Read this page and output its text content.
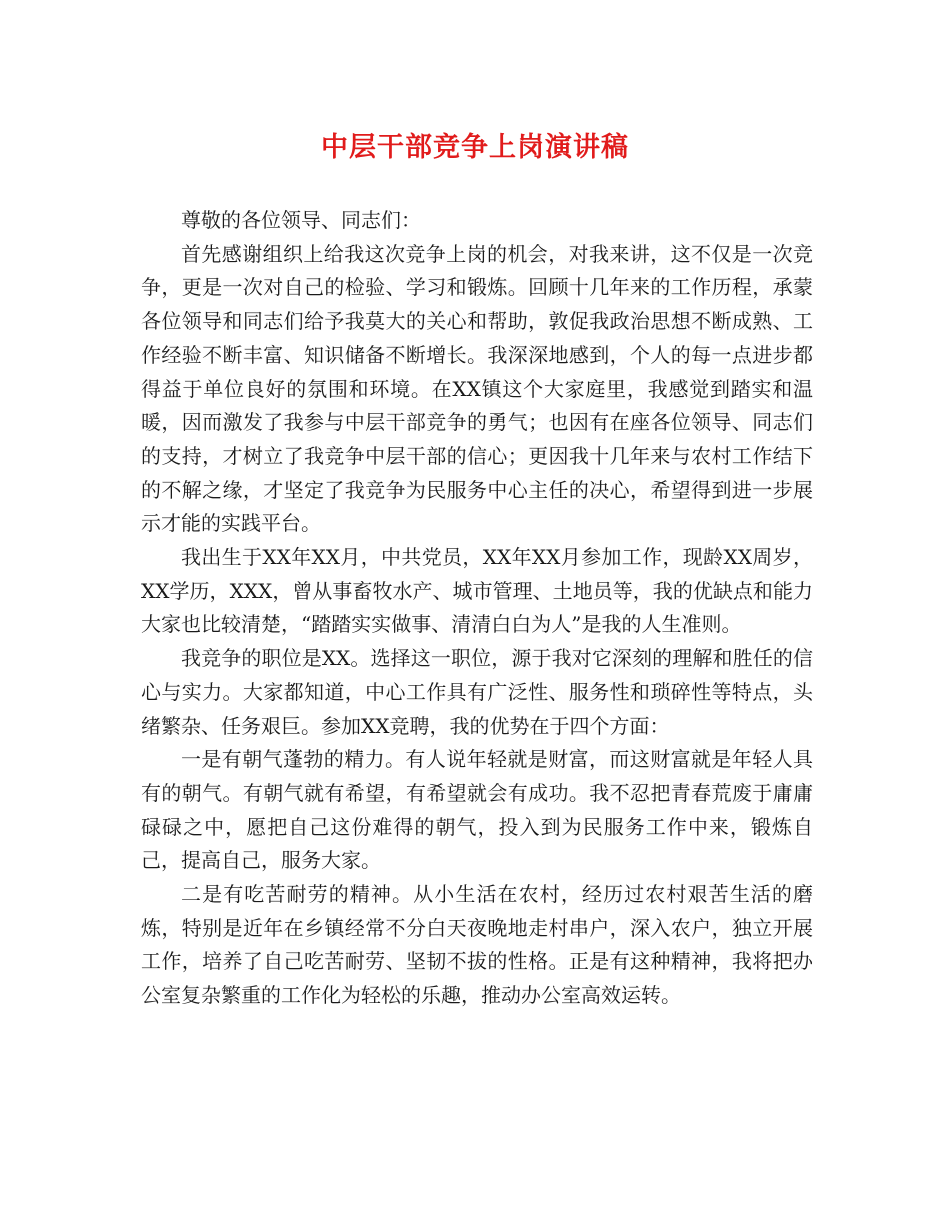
中层干部竞争上岗演讲稿

尊敬的各位领导、同志们：

首先感谢组织上给我这次竞争上岗的机会，对我来讲，这不仅是一次竞争，更是一次对自己的检验、学习和锻炼。回顾十几年来的工作历程，承蒙各位领导和同志们给予我莫大的关心和帮助，敦促我政治思想不断成熟、工作经验不断丰富、知识储备不断增长。我深深地感到，个人的每一点进步都得益于单位良好的氛围和环境。在XX镇这个大家庭里，我感觉到踏实和温暖，因而激发了我参与中层干部竞争的勇气；也因有在座各位领导、同志们的支持，才树立了我竞争中层干部的信心；更因我十几年来与农村工作结下的不解之缘，才坚定了我竞争为民服务中心主任的决心，希望得到进一步展示才能的实践平台。

我出生于XX年XX月，中共党员，XX年XX月参加工作，现龄XX周岁，XX学历，XXX，曾从事畜牧水产、城市管理、土地员等，我的优缺点和能力大家也比较清楚，“踏踏实实做事、清清白白为人”是我的人生准则。

我竞争的职位是XX。选择这一职位，源于我对它深刻的理解和胜任的信心与实力。大家都知道，中心工作具有广泛性、服务性和琐碎性等特点，头绪繁杂、任务艰巨。参加XX竞聘，我的优势在于四个方面：

一是有朝气蓬勃的精力。有人说年轻就是财富，而这财富就是年轻人具有的朝气。有朝气就有希望，有希望就会有成功。我不忍把青春荒废于庸庸碌碌之中，愿把自己这份难得的朝气，投入到为民服务工作中来，锻炼自己，提高自己，服务大家。

二是有吃苦耐劳的精神。从小生活在农村，经历过农村艰苦生活的磨炼，特别是近年在乡镇经常不分白天夜晚地走村串户，深入农户，独立开展工作，培养了自己吃苦耐劳、坚韧不拔的性格。正是有这种精神，我将把办公室复杂繁重的工作化为轻松的乐趣，推动办公室高效运转。
